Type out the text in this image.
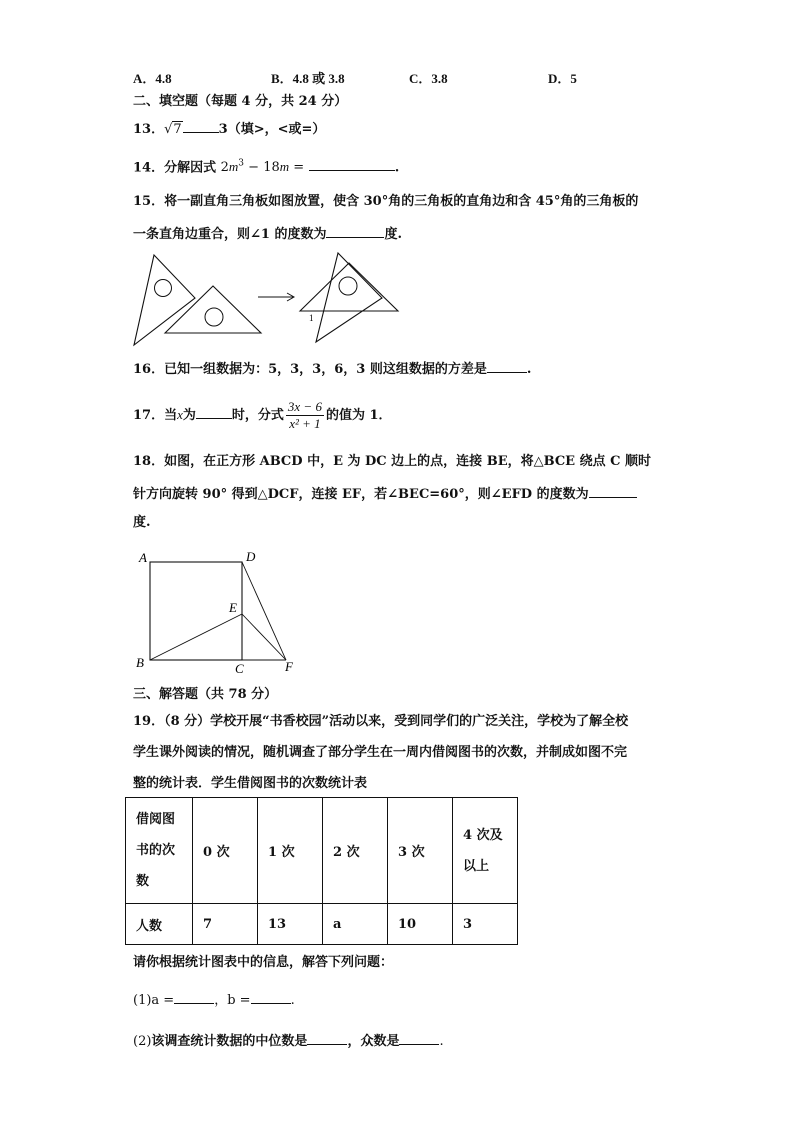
A．4.8	B．4.8 或 3.8	C．3.8	D．5
二、填空题（每题 4 分，共 24 分）
13．√7	3（填>，<或=）
14．分解因式 $2m^3 - 18m$ =	.
15．将一副直角三角板如图放置，使含 30°角的三角板的直角边和含 45°角的三角板的
一条直角边重合，则∠1 的度数为	度.
1
16．已知一组数据为：5，3，3，6，3 则这组数据的方差是	.
17．当x为	时，分式 $\frac{3x - 6}{\text{x² + 1}}$ 的值为 1．
18．如图，在正方形 ABCD 中，E 为 DC 边上的点，连接 BE，将△BCE 绕点 C 顺时
针方向旋转 90° 得到△DCF，连接 EF，若∠BEC=60°，则∠EFD 的度数为
度.
A	D
E
B	C	F
三、解答题（共 78 分）
19．（8 分）学校开展“书香校园”活动以来，受到同学们的广泛关注，学校为了解全校
学生课外阅读的情况，随机调查了部分学生在一周内借阅图书的次数，并制成如图不完
整的统计表．学生借阅图书的次数统计表
借阅图
书的次
数	0 次	1 次	2 次	3 次	4 次及
以上
人数	7	13	a	10	3
请你根据统计图表中的信息，解答下列问题：
(1)a =	，b =	.
(2)该调查统计数据的中位数是	，众数是	.
